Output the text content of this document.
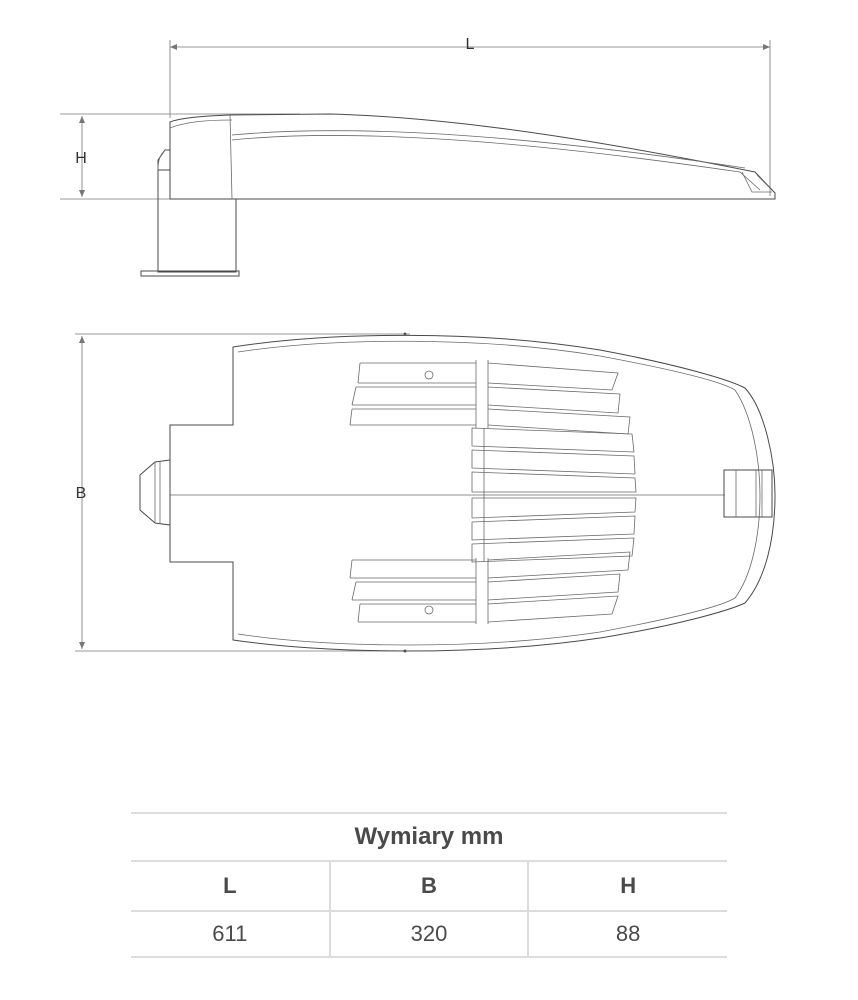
L
H
B
Wymiary mm		
L	B	H
611	320	88
